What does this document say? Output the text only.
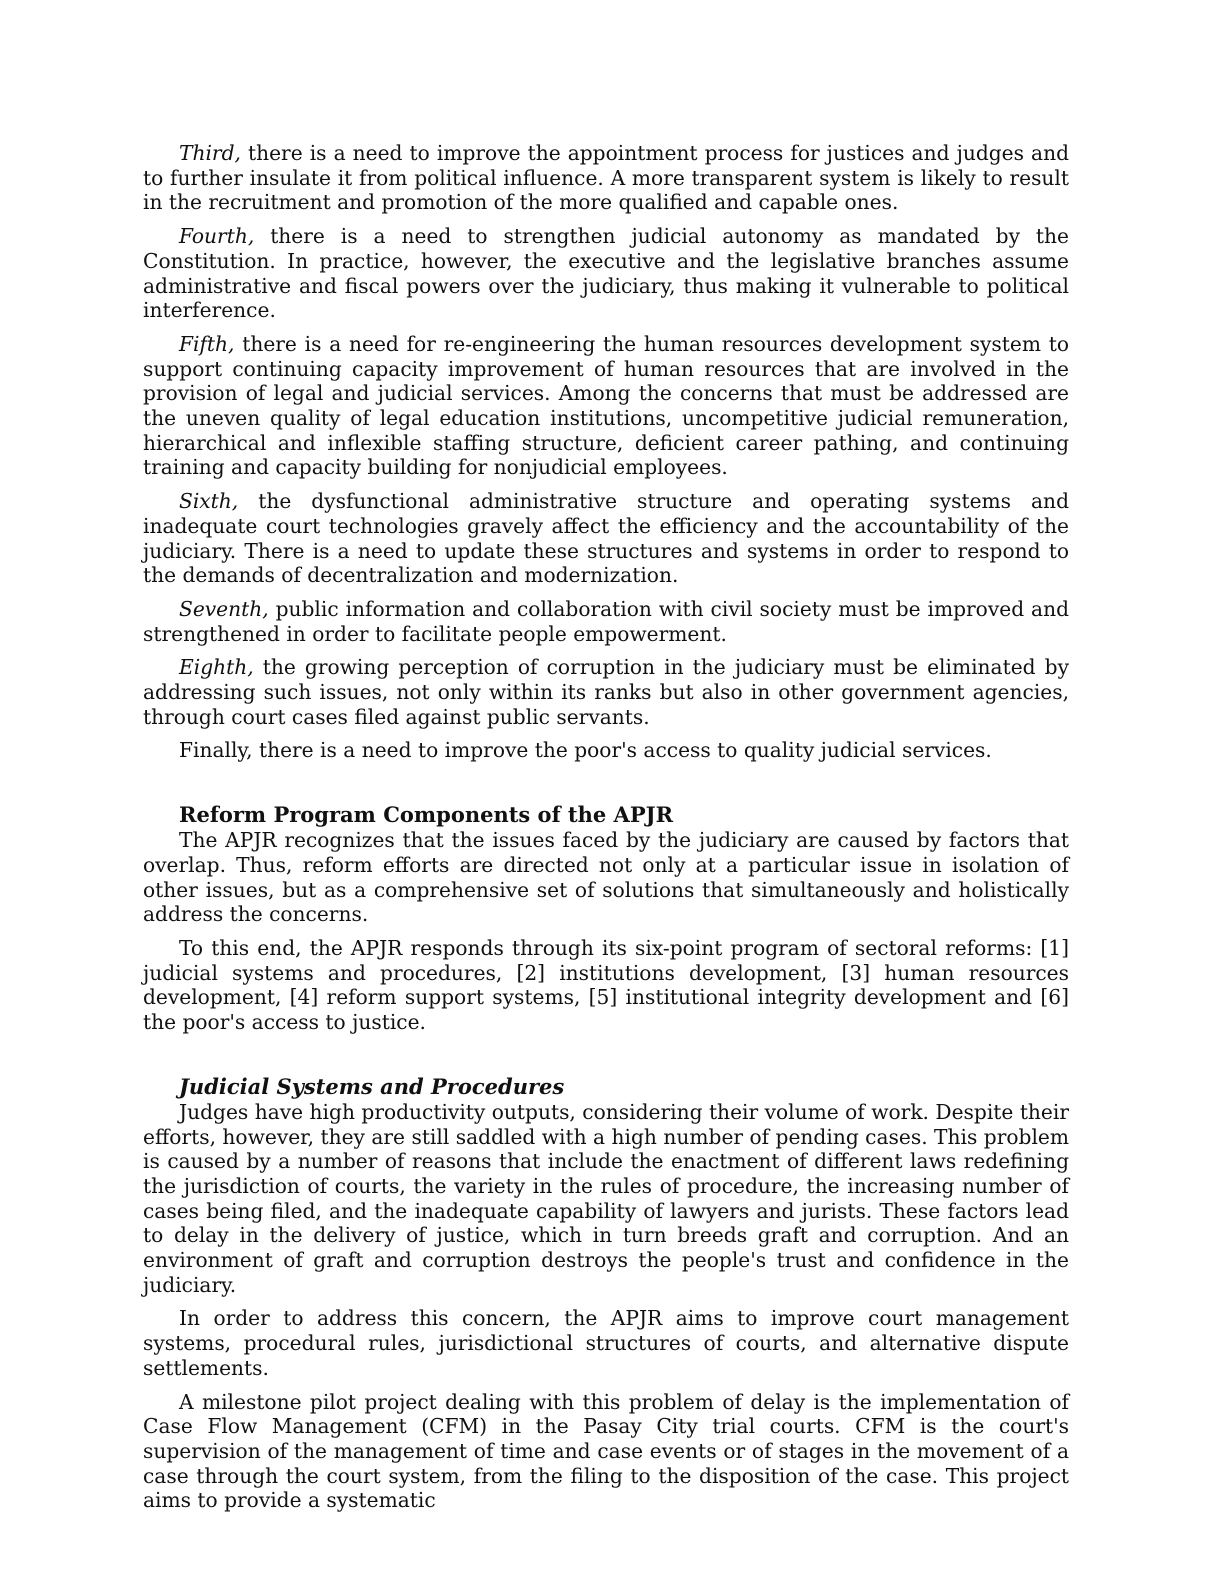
Third, there is a need to improve the appointment process for justices and judges and to further insulate it from political influence. A more transparent system is likely to result in the recruitment and promotion of the more qualified and capable ones.

Fourth, there is a need to strengthen judicial autonomy as mandated by the Constitution. In practice, however, the executive and the legislative branches assume administrative and fiscal powers over the judiciary, thus making it vulnerable to political interference.

Fifth, there is a need for re-engineering the human resources development system to support continuing capacity improvement of human resources that are involved in the provision of legal and judicial services. Among the concerns that must be addressed are the uneven quality of legal education institutions, uncompetitive judicial remuneration, hierarchical and inflexible staffing structure, deficient career pathing, and continuing training and capacity building for nonjudicial employees.

Sixth, the dysfunctional administrative structure and operating systems and inadequate court technologies gravely affect the efficiency and the accountability of the judiciary. There is a need to update these structures and systems in order to respond to the demands of decentralization and modernization.

Seventh, public information and collaboration with civil society must be improved and strengthened in order to facilitate people empowerment.

Eighth, the growing perception of corruption in the judiciary must be eliminated by addressing such issues, not only within its ranks but also in other government agencies, through court cases filed against public servants.

Finally, there is a need to improve the poor's access to quality judicial services.

Reform Program Components of the APJR

The APJR recognizes that the issues faced by the judiciary are caused by factors that overlap. Thus, reform efforts are directed not only at a particular issue in isolation of other issues, but as a comprehensive set of solutions that simultaneously and holistically address the concerns.

To this end, the APJR responds through its six-point program of sectoral reforms: [1] judicial systems and procedures, [2] institutions development, [3] human resources development, [4] reform support systems, [5] institutional integrity development and [6] the poor's access to justice.

Judicial Systems and Procedures

Judges have high productivity outputs, considering their volume of work. Despite their efforts, however, they are still saddled with a high number of pending cases. This problem is caused by a number of reasons that include the enactment of different laws redefining the jurisdiction of courts, the variety in the rules of procedure, the increasing number of cases being filed, and the inadequate capability of lawyers and jurists. These factors lead to delay in the delivery of justice, which in turn breeds graft and corruption. And an environment of graft and corruption destroys the people's trust and confidence in the judiciary.

In order to address this concern, the APJR aims to improve court management systems, procedural rules, jurisdictional structures of courts, and alternative dispute settlements.

A milestone pilot project dealing with this problem of delay is the implementation of Case Flow Management (CFM) in the Pasay City trial courts. CFM is the court's supervision of the management of time and case events or of stages in the movement of a case through the court system, from the filing to the disposition of the case. This project aims to provide a systematic
